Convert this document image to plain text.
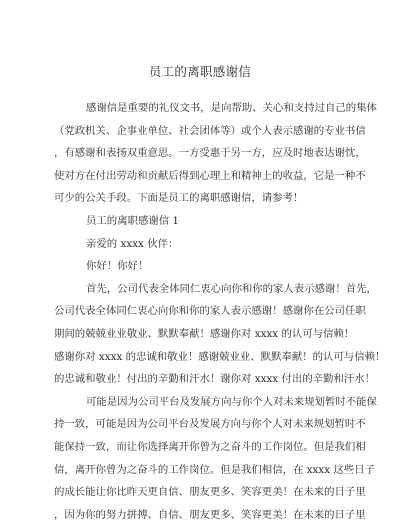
员工的离职感谢信

感谢信是重要的礼仪文书，是向帮助、关心和支持过自己的集体
（党政机关、企事业单位、社会团体等）或个人表示感谢的专业书信
，有感谢和表扬双重意思。一方受惠于另一方，应及时地表达谢忱，
使对方在付出劳动和贡献后得到心理上和精神上的收益，它是一种不
可少的公关手段。下面是员工的离职感谢信，请参考！

员工的离职感谢信 1

亲爱的 xxxx 伙伴：

你好！你好！

首先，公司代表全体同仁衷心向你和你的家人表示感谢！首先，
公司代表全体同仁衷心向你和你的家人表示感谢！感谢你在公司任职
期间的兢兢业业敬业、默默奉献！感谢你对 xxxx 的认可与信赖！
感谢你对 xxxx 的忠诚和敬业！感谢兢业业、默默奉献！的认可与信赖！
的忠诚和敬业！付出的辛勤和汗水！谢你对 xxxx 付出的辛勤和汗水！

可能是因为公司平台及发展方向与你个人对未来规划暂时不能保
持一致，可能是因为公司平台及发展方向与你个人对未来规划暂时不
能保持一致，而让你选择离开你曾为之奋斗的工作岗位。但是我们相
信，离开你曾为之奋斗的工作岗位。但是我们相信，在 xxxx 这些日子
的成长能让你比昨天更自信、朋友更多、笑容更美！在未来的日子里
，因为你的努力拼搏、自信、朋友更多、笑容更美！在未来的日子里
